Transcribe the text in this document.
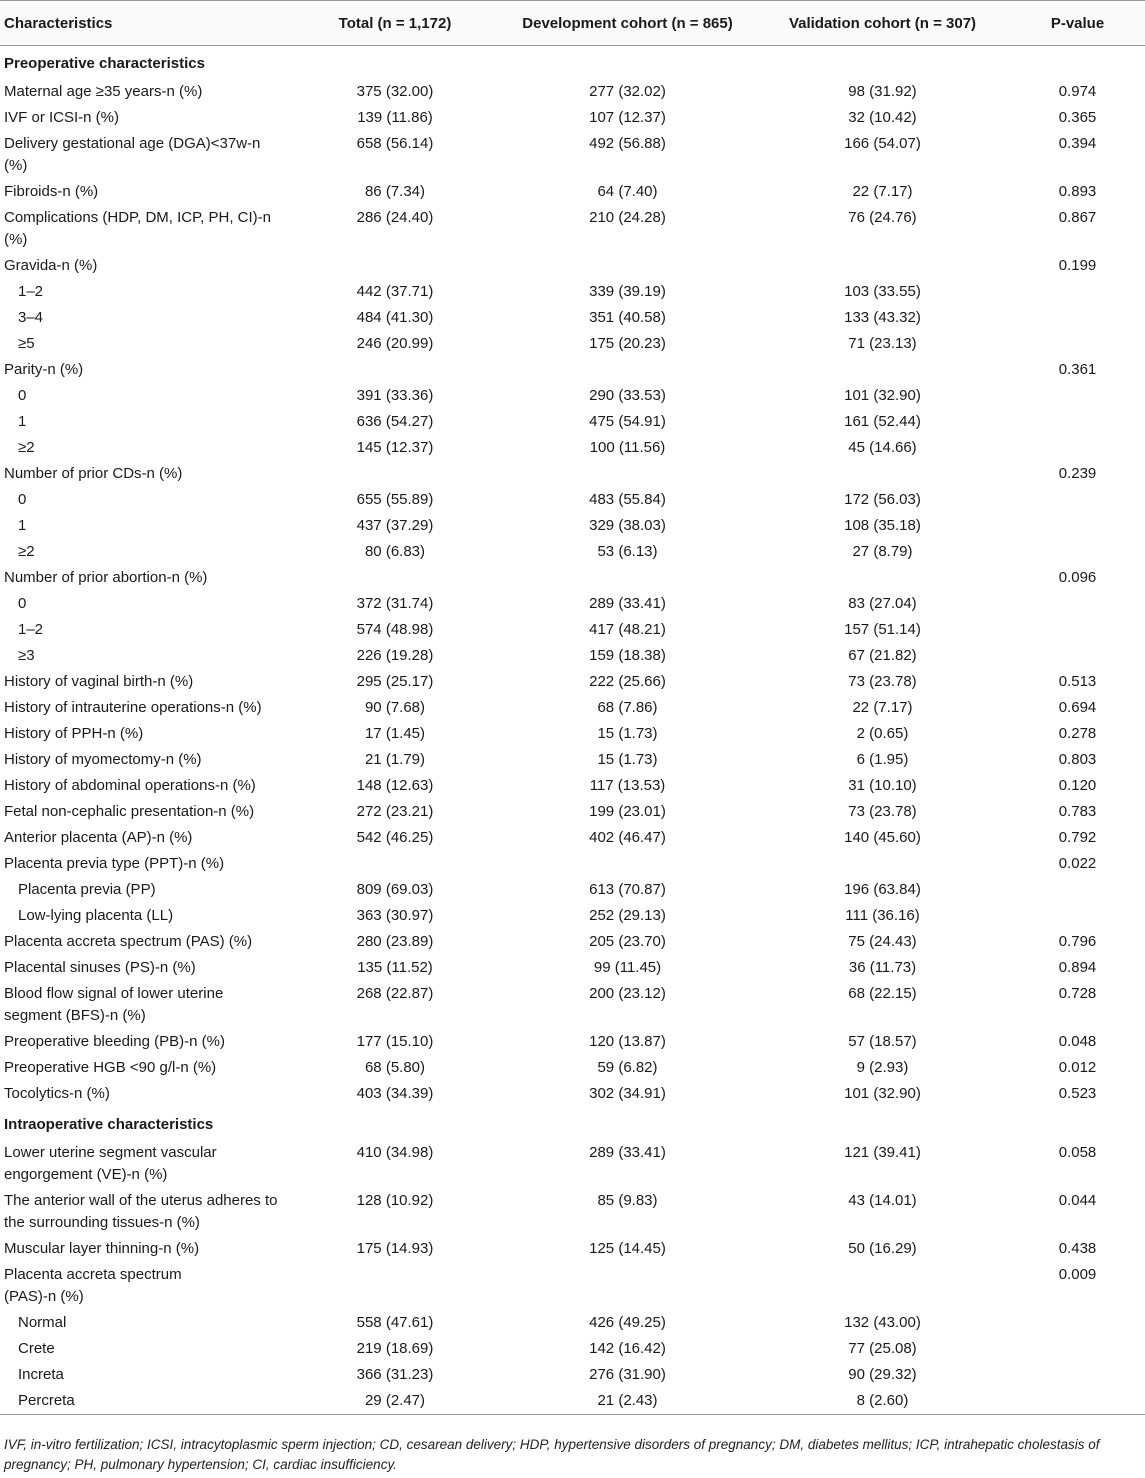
Characteristics	Total (n = 1,172)	Development cohort (n = 865)	Validation cohort (n = 307)	P-value
Preoperative characteristics				
Maternal age ≥35 years-n (%)	375 (32.00)	277 (32.02)	98 (31.92)	0.974
IVF or ICSI-n (%)	139 (11.86)	107 (12.37)	32 (10.42)	0.365
Delivery gestational age (DGA)<37w-n (%)	658 (56.14)	492 (56.88)	166 (54.07)	0.394
Fibroids-n (%)	86 (7.34)	64 (7.40)	22 (7.17)	0.893
Complications (HDP, DM, ICP, PH, CI)-n (%)	286 (24.40)	210 (24.28)	76 (24.76)	0.867
Gravida-n (%)				0.199
1–2	442 (37.71)	339 (39.19)	103 (33.55)	
3–4	484 (41.30)	351 (40.58)	133 (43.32)	
≥5	246 (20.99)	175 (20.23)	71 (23.13)	
Parity-n (%)				0.361
0	391 (33.36)	290 (33.53)	101 (32.90)	
1	636 (54.27)	475 (54.91)	161 (52.44)	
≥2	145 (12.37)	100 (11.56)	45 (14.66)	
Number of prior CDs-n (%)				0.239
0	655 (55.89)	483 (55.84)	172 (56.03)	
1	437 (37.29)	329 (38.03)	108 (35.18)	
≥2	80 (6.83)	53 (6.13)	27 (8.79)	
Number of prior abortion-n (%)				0.096
0	372 (31.74)	289 (33.41)	83 (27.04)	
1–2	574 (48.98)	417 (48.21)	157 (51.14)	
≥3	226 (19.28)	159 (18.38)	67 (21.82)	
History of vaginal birth-n (%)	295 (25.17)	222 (25.66)	73 (23.78)	0.513
History of intrauterine operations-n (%)	90 (7.68)	68 (7.86)	22 (7.17)	0.694
History of PPH-n (%)	17 (1.45)	15 (1.73)	2 (0.65)	0.278
History of myomectomy-n (%)	21 (1.79)	15 (1.73)	6 (1.95)	0.803
History of abdominal operations-n (%)	148 (12.63)	117 (13.53)	31 (10.10)	0.120
Fetal non-cephalic presentation-n (%)	272 (23.21)	199 (23.01)	73 (23.78)	0.783
Anterior placenta (AP)-n (%)	542 (46.25)	402 (46.47)	140 (45.60)	0.792
Placenta previa type (PPT)-n (%)				0.022
Placenta previa (PP)	809 (69.03)	613 (70.87)	196 (63.84)	
Low-lying placenta (LL)	363 (30.97)	252 (29.13)	111 (36.16)	
Placenta accreta spectrum (PAS) (%)	280 (23.89)	205 (23.70)	75 (24.43)	0.796
Placental sinuses (PS)-n (%)	135 (11.52)	99 (11.45)	36 (11.73)	0.894
Blood flow signal of lower uterine segment (BFS)-n (%)	268 (22.87)	200 (23.12)	68 (22.15)	0.728
Preoperative bleeding (PB)-n (%)	177 (15.10)	120 (13.87)	57 (18.57)	0.048
Preoperative HGB <90 g/l-n (%)	68 (5.80)	59 (6.82)	9 (2.93)	0.012
Tocolytics-n (%)	403 (34.39)	302 (34.91)	101 (32.90)	0.523
Intraoperative characteristics				
Lower uterine segment vascular engorgement (VE)-n (%)	410 (34.98)	289 (33.41)	121 (39.41)	0.058
The anterior wall of the uterus adheres to the surrounding tissues-n (%)	128 (10.92)	85 (9.83)	43 (14.01)	0.044
Muscular layer thinning-n (%)	175 (14.93)	125 (14.45)	50 (16.29)	0.438
Placenta accreta spectrum (PAS)-n (%)				0.009
Normal	558 (47.61)	426 (49.25)	132 (43.00)	
Crete	219 (18.69)	142 (16.42)	77 (25.08)	
Increta	366 (31.23)	276 (31.90)	90 (29.32)	
Percreta	29 (2.47)	21 (2.43)	8 (2.60)	
IVF, in-vitro fertilization; ICSI, intracytoplasmic sperm injection; CD, cesarean delivery; HDP, hypertensive disorders of pregnancy; DM, diabetes mellitus; ICP, intrahepatic cholestasis of pregnancy; PH, pulmonary hypertension; CI, cardiac insufficiency.
